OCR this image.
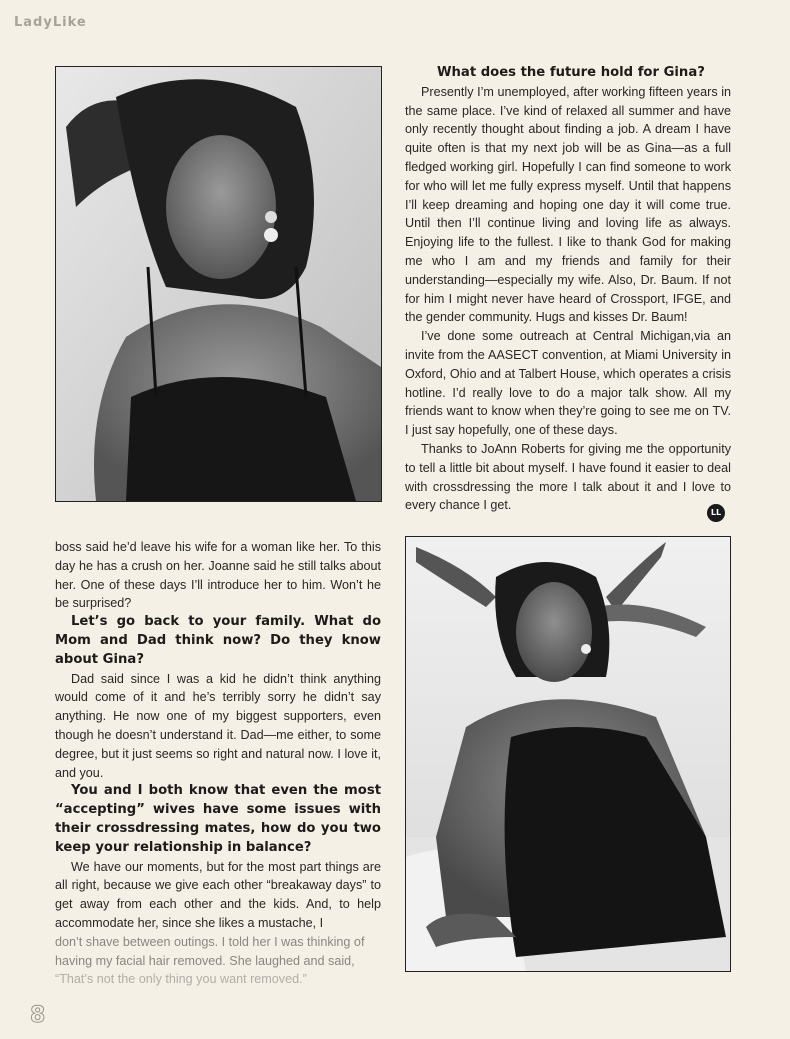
LadyLike

What does the future hold for Gina?

Presently I’m unemployed, after working fifteen years in the same place. I’ve kind of relaxed all summer and have only recently thought about finding a job. A dream I have quite often is that my next job will be as Gina—as a full fledged working girl. Hopefully I can find someone to work for who will let me fully express myself. Until that happens I’ll keep dreaming and hoping one day it will come true. Until then I’ll continue living and loving life as always. Enjoying life to the fullest. I like to thank God for making me who I am and my friends and family for their understanding—especially my wife. Also, Dr. Baum. If not for him I might never have heard of Crossport, IFGE, and the gender community. Hugs and kisses Dr. Baum!

I’ve done some outreach at Central Michigan,via an invite from the AASECT convention, at Miami University in Oxford, Ohio and at Talbert House, which operates a crisis hotline. I’d really love to do a major talk show. All my friends want to know when they’re going to see me on TV. I just say hopefully, one of these days.

Thanks to JoAnn Roberts for giving me the opportunity to tell a little bit about myself. I have found it easier to deal with crossdressing the more I talk about it and I love to every chance I get.

LL

boss said he’d leave his wife for a woman like her. To this day he has a crush on her. Joanne said he still talks about her. One of these days I’ll introduce her to him. Won’t he be surprised?

Let’s go back to your family. What do Mom and Dad think now? Do they know about Gina?

Dad said since I was a kid he didn’t think anything would come of it and he’s terribly sorry he didn’t say anything. He now one of my biggest supporters, even though he doesn’t understand it. Dad—me either, to some degree, but it just seems so right and natural now. I love it, and you.

You and I both know that even the most “accepting” wives have some issues with their crossdressing mates, how do you two keep your relationship in balance?

We have our moments, but for the most part things are all right, because we give each other “breakaway days” to get away from each other and the kids. And, to help accommodate her, since she likes a mustache, I

don’t shave between outings. I told her I was thinking of

having my facial hair removed. She laughed and said,

“That’s not the only thing you want removed.”

8
